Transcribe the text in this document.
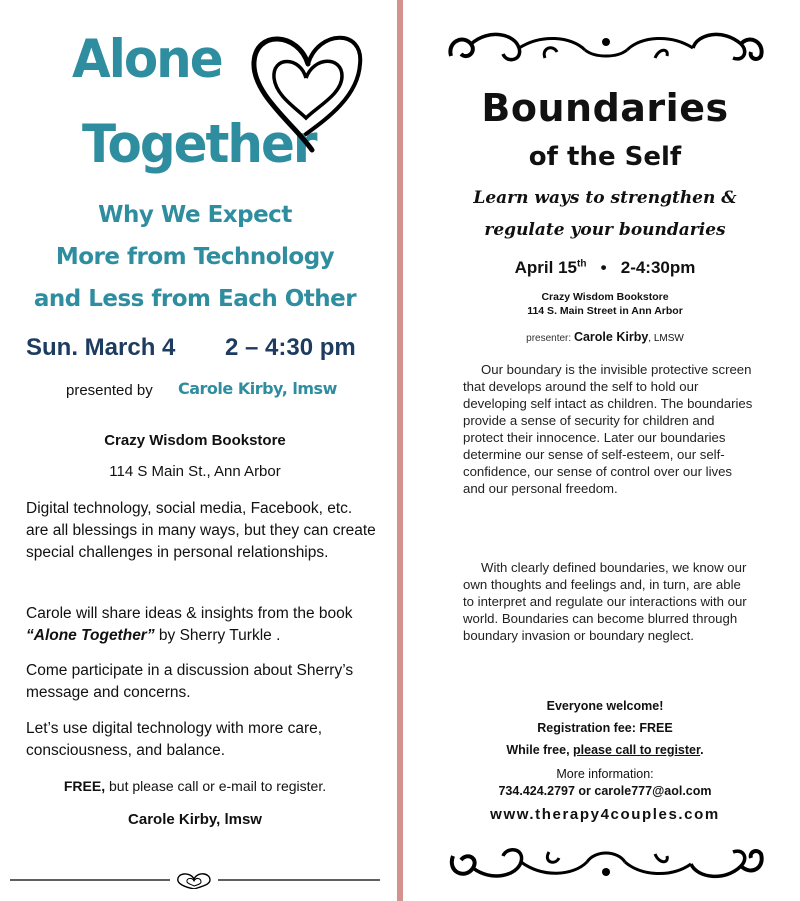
Alone
Together
Why We Expect
More from Technology
and Less from Each Other
Sun. March 4 2 – 4:30 pm
presented by Carole Kirby, lmsw
Crazy Wisdom Bookstore
114 S Main St., Ann Arbor
Digital technology, social media, Facebook, etc. are all blessings in many ways, but they can create special challenges in personal relationships.
Carole will share ideas & insights from the book “Alone Together” by Sherry Turkle .
Come participate in a discussion about Sherry’s message and concerns.
Let’s use digital technology with more care, consciousness, and balance.
FREE, but please call or e-mail to register.
Carole Kirby, lmsw
Boundaries
of the Self
Learn ways to strengthen &
regulate your boundaries
April 15th • 2-4:30pm
Crazy Wisdom Bookstore
114 S. Main Street in Ann Arbor
presenter: Carole Kirby, LMSW
Our boundary is the invisible protective screen that develops around the self to hold our developing self intact as children. The boundaries provide a sense of security for children and protect their innocence. Later our boundaries determine our sense of self-esteem, our self-confidence, our sense of control over our lives and our personal freedom.
With clearly defined boundaries, we know our own thoughts and feelings and, in turn, are able to interpret and regulate our interactions with our world. Boundaries can become blurred through boundary invasion or boundary neglect.
Everyone welcome!
Registration fee: FREE
While free, please call to register.
More information:
734.424.2797 or carole777@aol.com
www.therapy4couples.com
